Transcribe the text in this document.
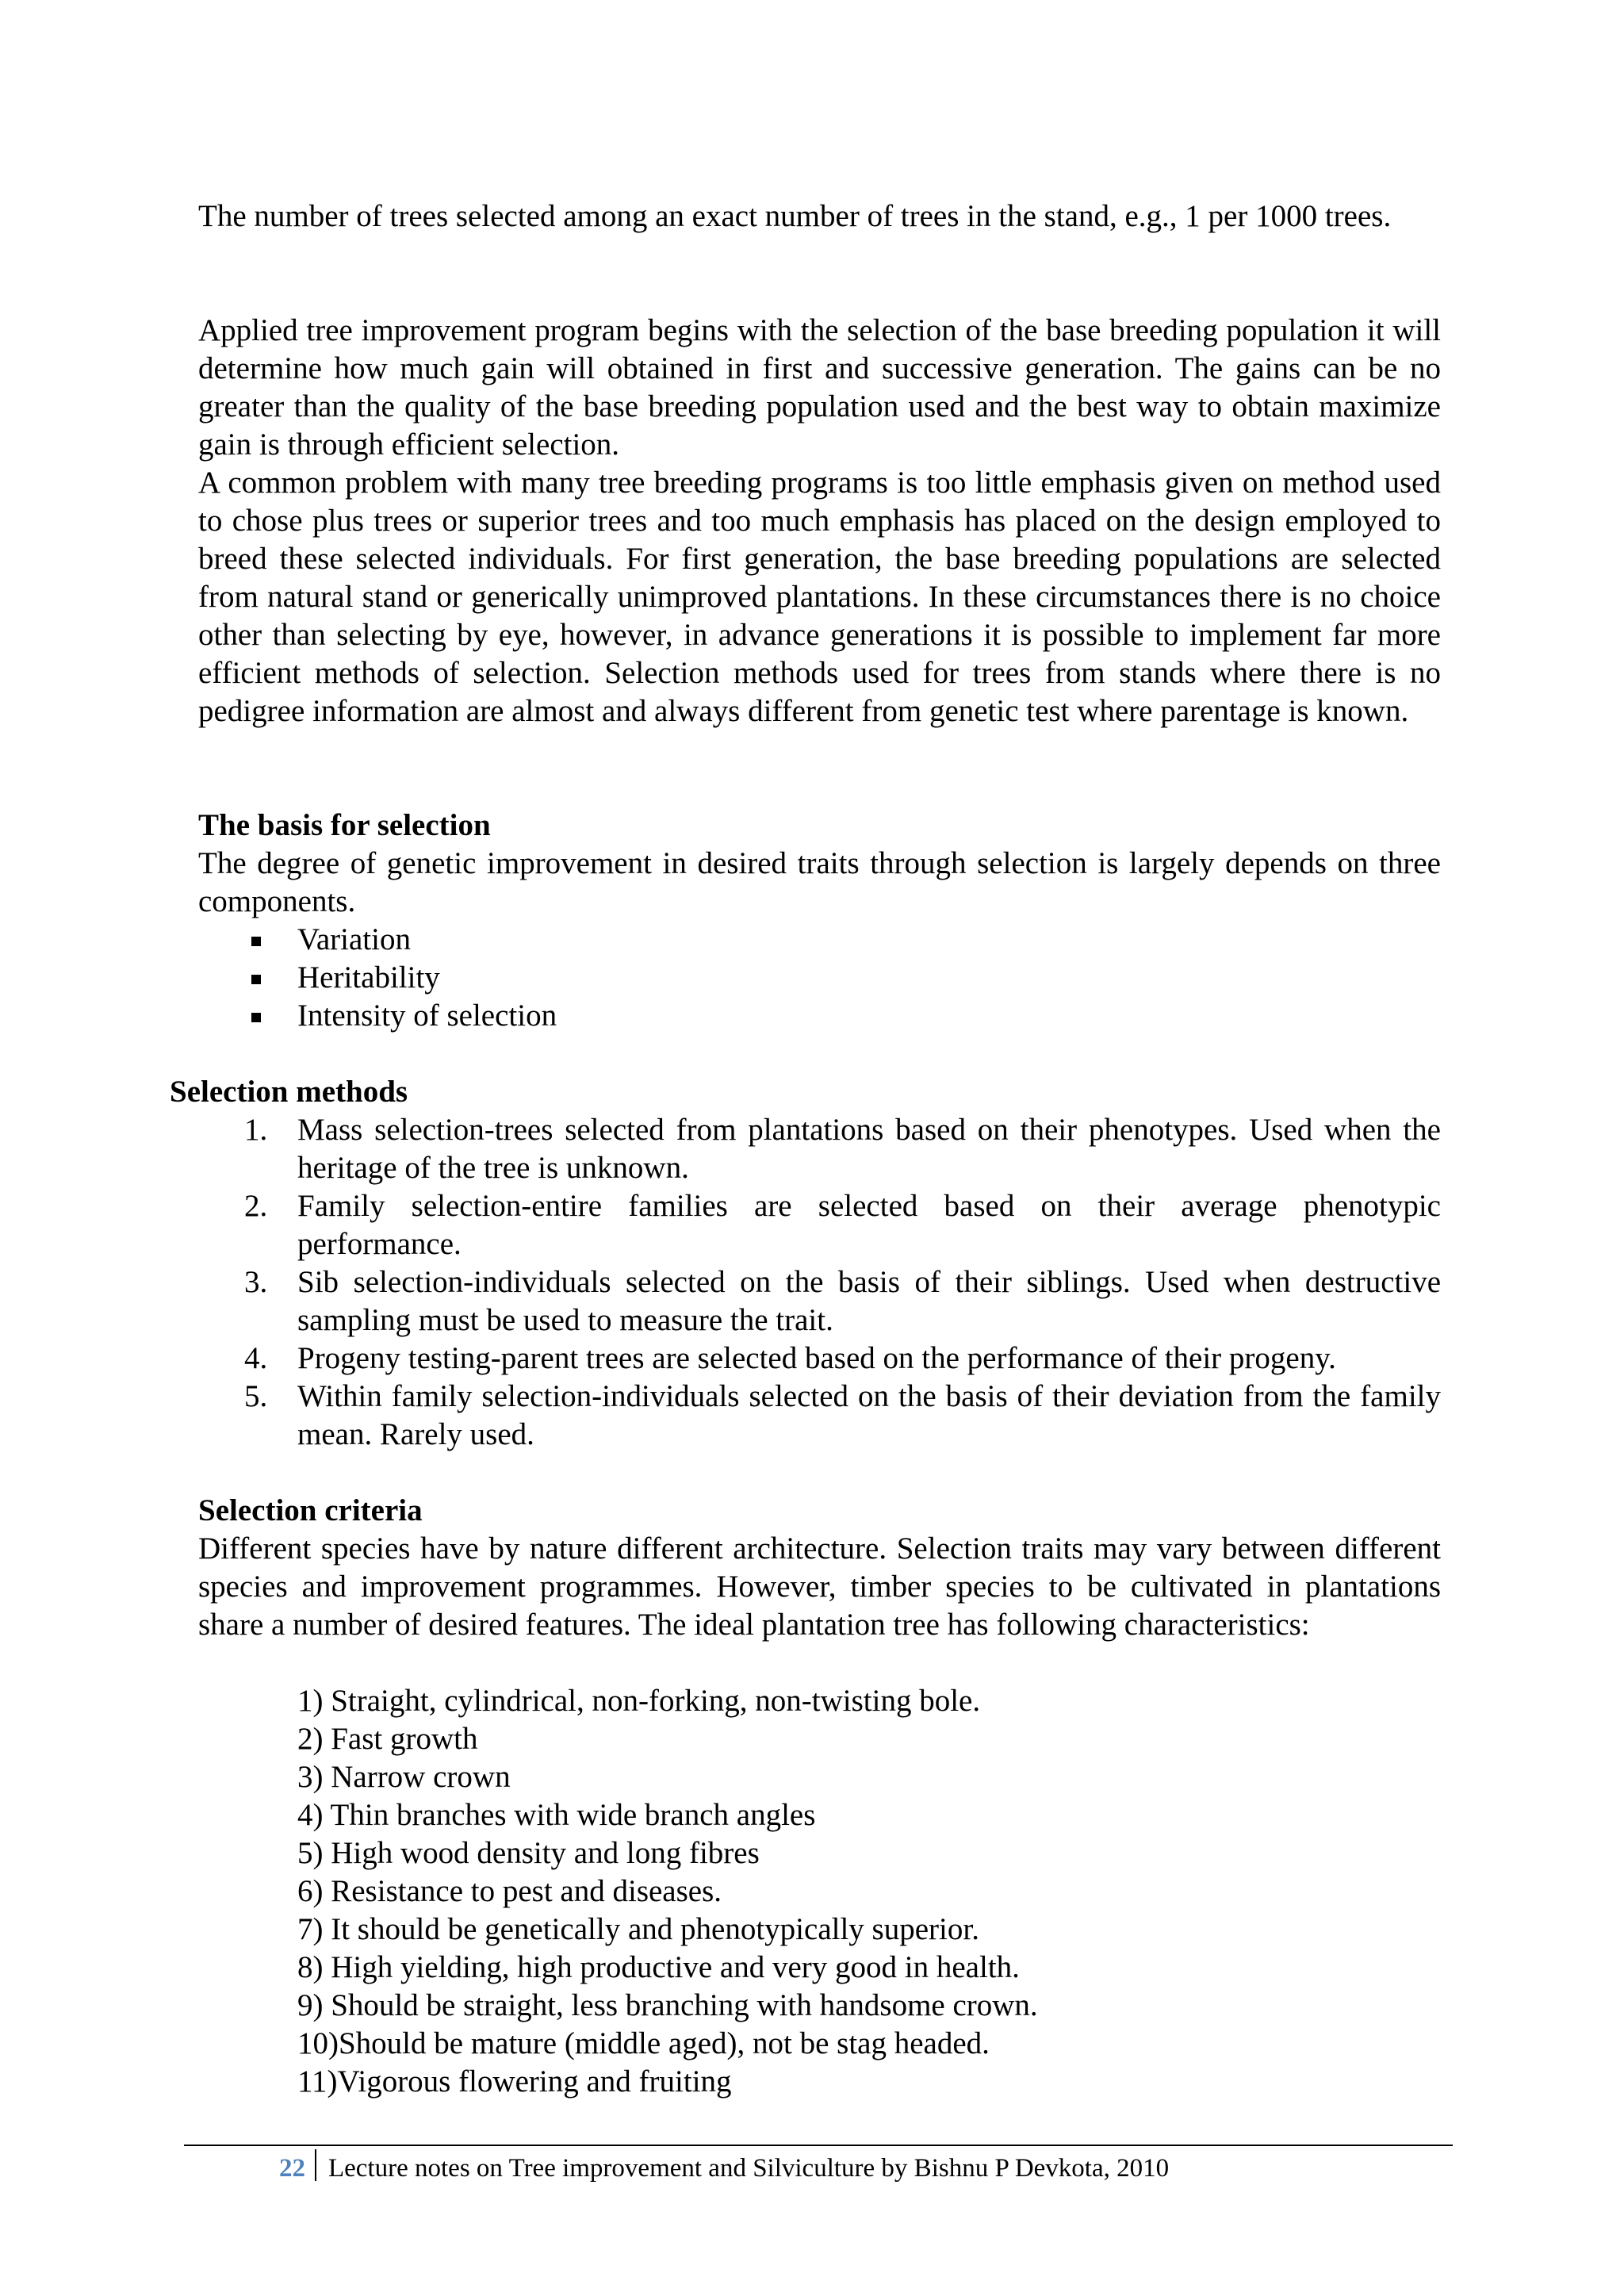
The number of trees selected among an exact number of trees in the stand, e.g., 1 per 1000 trees.

Applied tree improvement program begins with the selection of the base breeding population it will determine how much gain will obtained in first and successive generation. The gains can be no greater than the quality of the base breeding population used and the best way to obtain maximize gain is through efficient selection.

A common problem with many tree breeding programs is too little emphasis given on method used to chose plus trees or superior trees and too much emphasis has placed on the design employed to breed these selected individuals. For first generation, the base breeding populations are selected from natural stand or generically unimproved plantations. In these circumstances there is no choice other than selecting by eye, however, in advance generations it is possible to implement far more efficient methods of selection. Selection methods used for trees from stands where there is no pedigree information are almost and always different from genetic test where parentage is known.

The basis for selection

The degree of genetic improvement in desired traits through selection is largely depends on three components.

Variation
Heritability
Intensity of selection

Selection methods

1. Mass selection-trees selected from plantations based on their phenotypes. Used when the heritage of the tree is unknown.
2. Family selection-entire families are selected based on their average phenotypic performance.
3. Sib selection-individuals selected on the basis of their siblings. Used when destructive sampling must be used to measure the trait.
4. Progeny testing-parent trees are selected based on the performance of their progeny.
5. Within family selection-individuals selected on the basis of their deviation from the family mean. Rarely used.

Selection criteria

Different species have by nature different architecture. Selection traits may vary between different species and improvement programmes. However, timber species to be cultivated in plantations share a number of desired features. The ideal plantation tree has following characteristics:

1) Straight, cylindrical, non-forking, non-twisting bole.
2) Fast growth
3) Narrow crown
4) Thin branches with wide branch angles
5) High wood density and long fibres
6) Resistance to pest and diseases.
7) It should be genetically and phenotypically superior.
8) High yielding, high productive and very good in health.
9) Should be straight, less branching with handsome crown.
10)Should be mature (middle aged), not be stag headed.
11)Vigorous flowering and fruiting
22 Lecture notes on Tree improvement and Silviculture by Bishnu P Devkota, 2010
